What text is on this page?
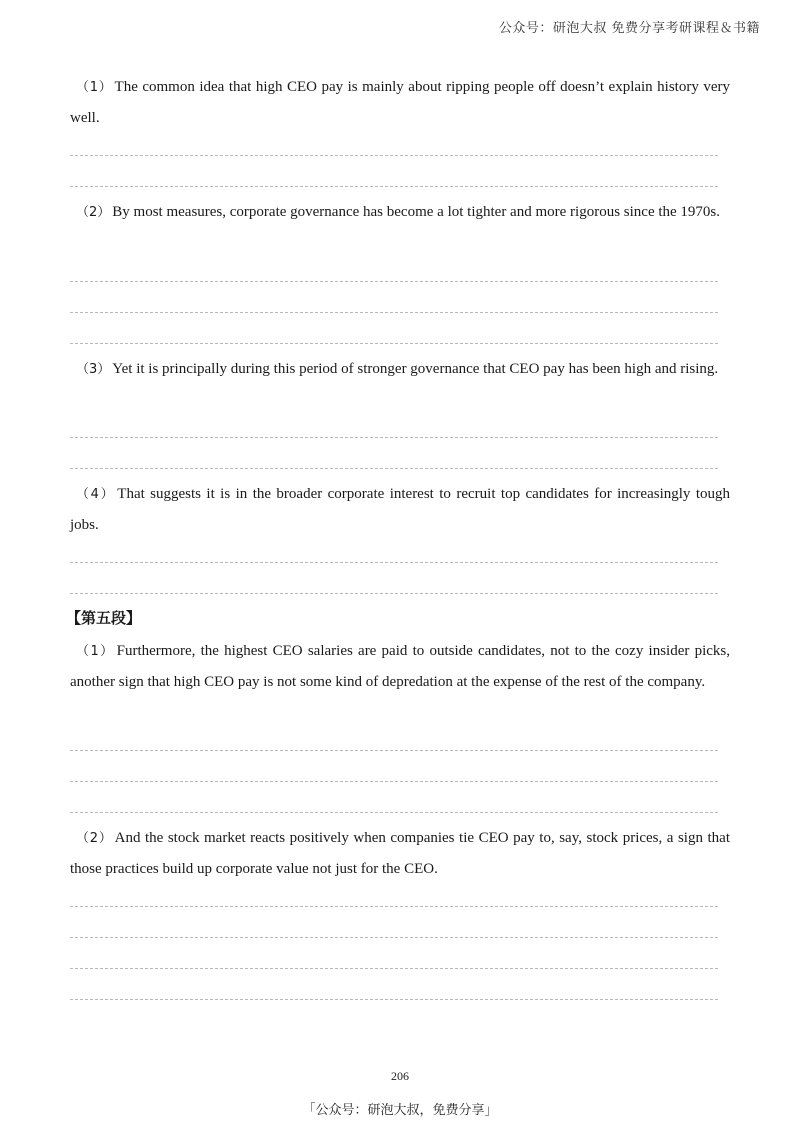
公众号：研泡大叔 免费分享考研课程＆书籍

（1） The common idea that high CEO pay is mainly about ripping people off doesn’t explain history very well.

（2） By most measures, corporate governance has become a lot tighter and more rigorous since the 1970s.

（3） Yet it is principally during this period of stronger governance that CEO pay has been high and rising.

（4） That suggests it is in the broader corporate interest to recruit top candidates for increasingly tough jobs.

【第五段】

（1） Furthermore, the highest CEO salaries are paid to outside candidates, not to the cozy insider picks, another sign that high CEO pay is not some kind of depredation at the expense of the rest of the company.

（2） And the stock market reacts positively when companies tie CEO pay to, say, stock prices, a sign that those practices build up corporate value not just for the CEO.

206
「公众号：研泡大叔，免费分享」
